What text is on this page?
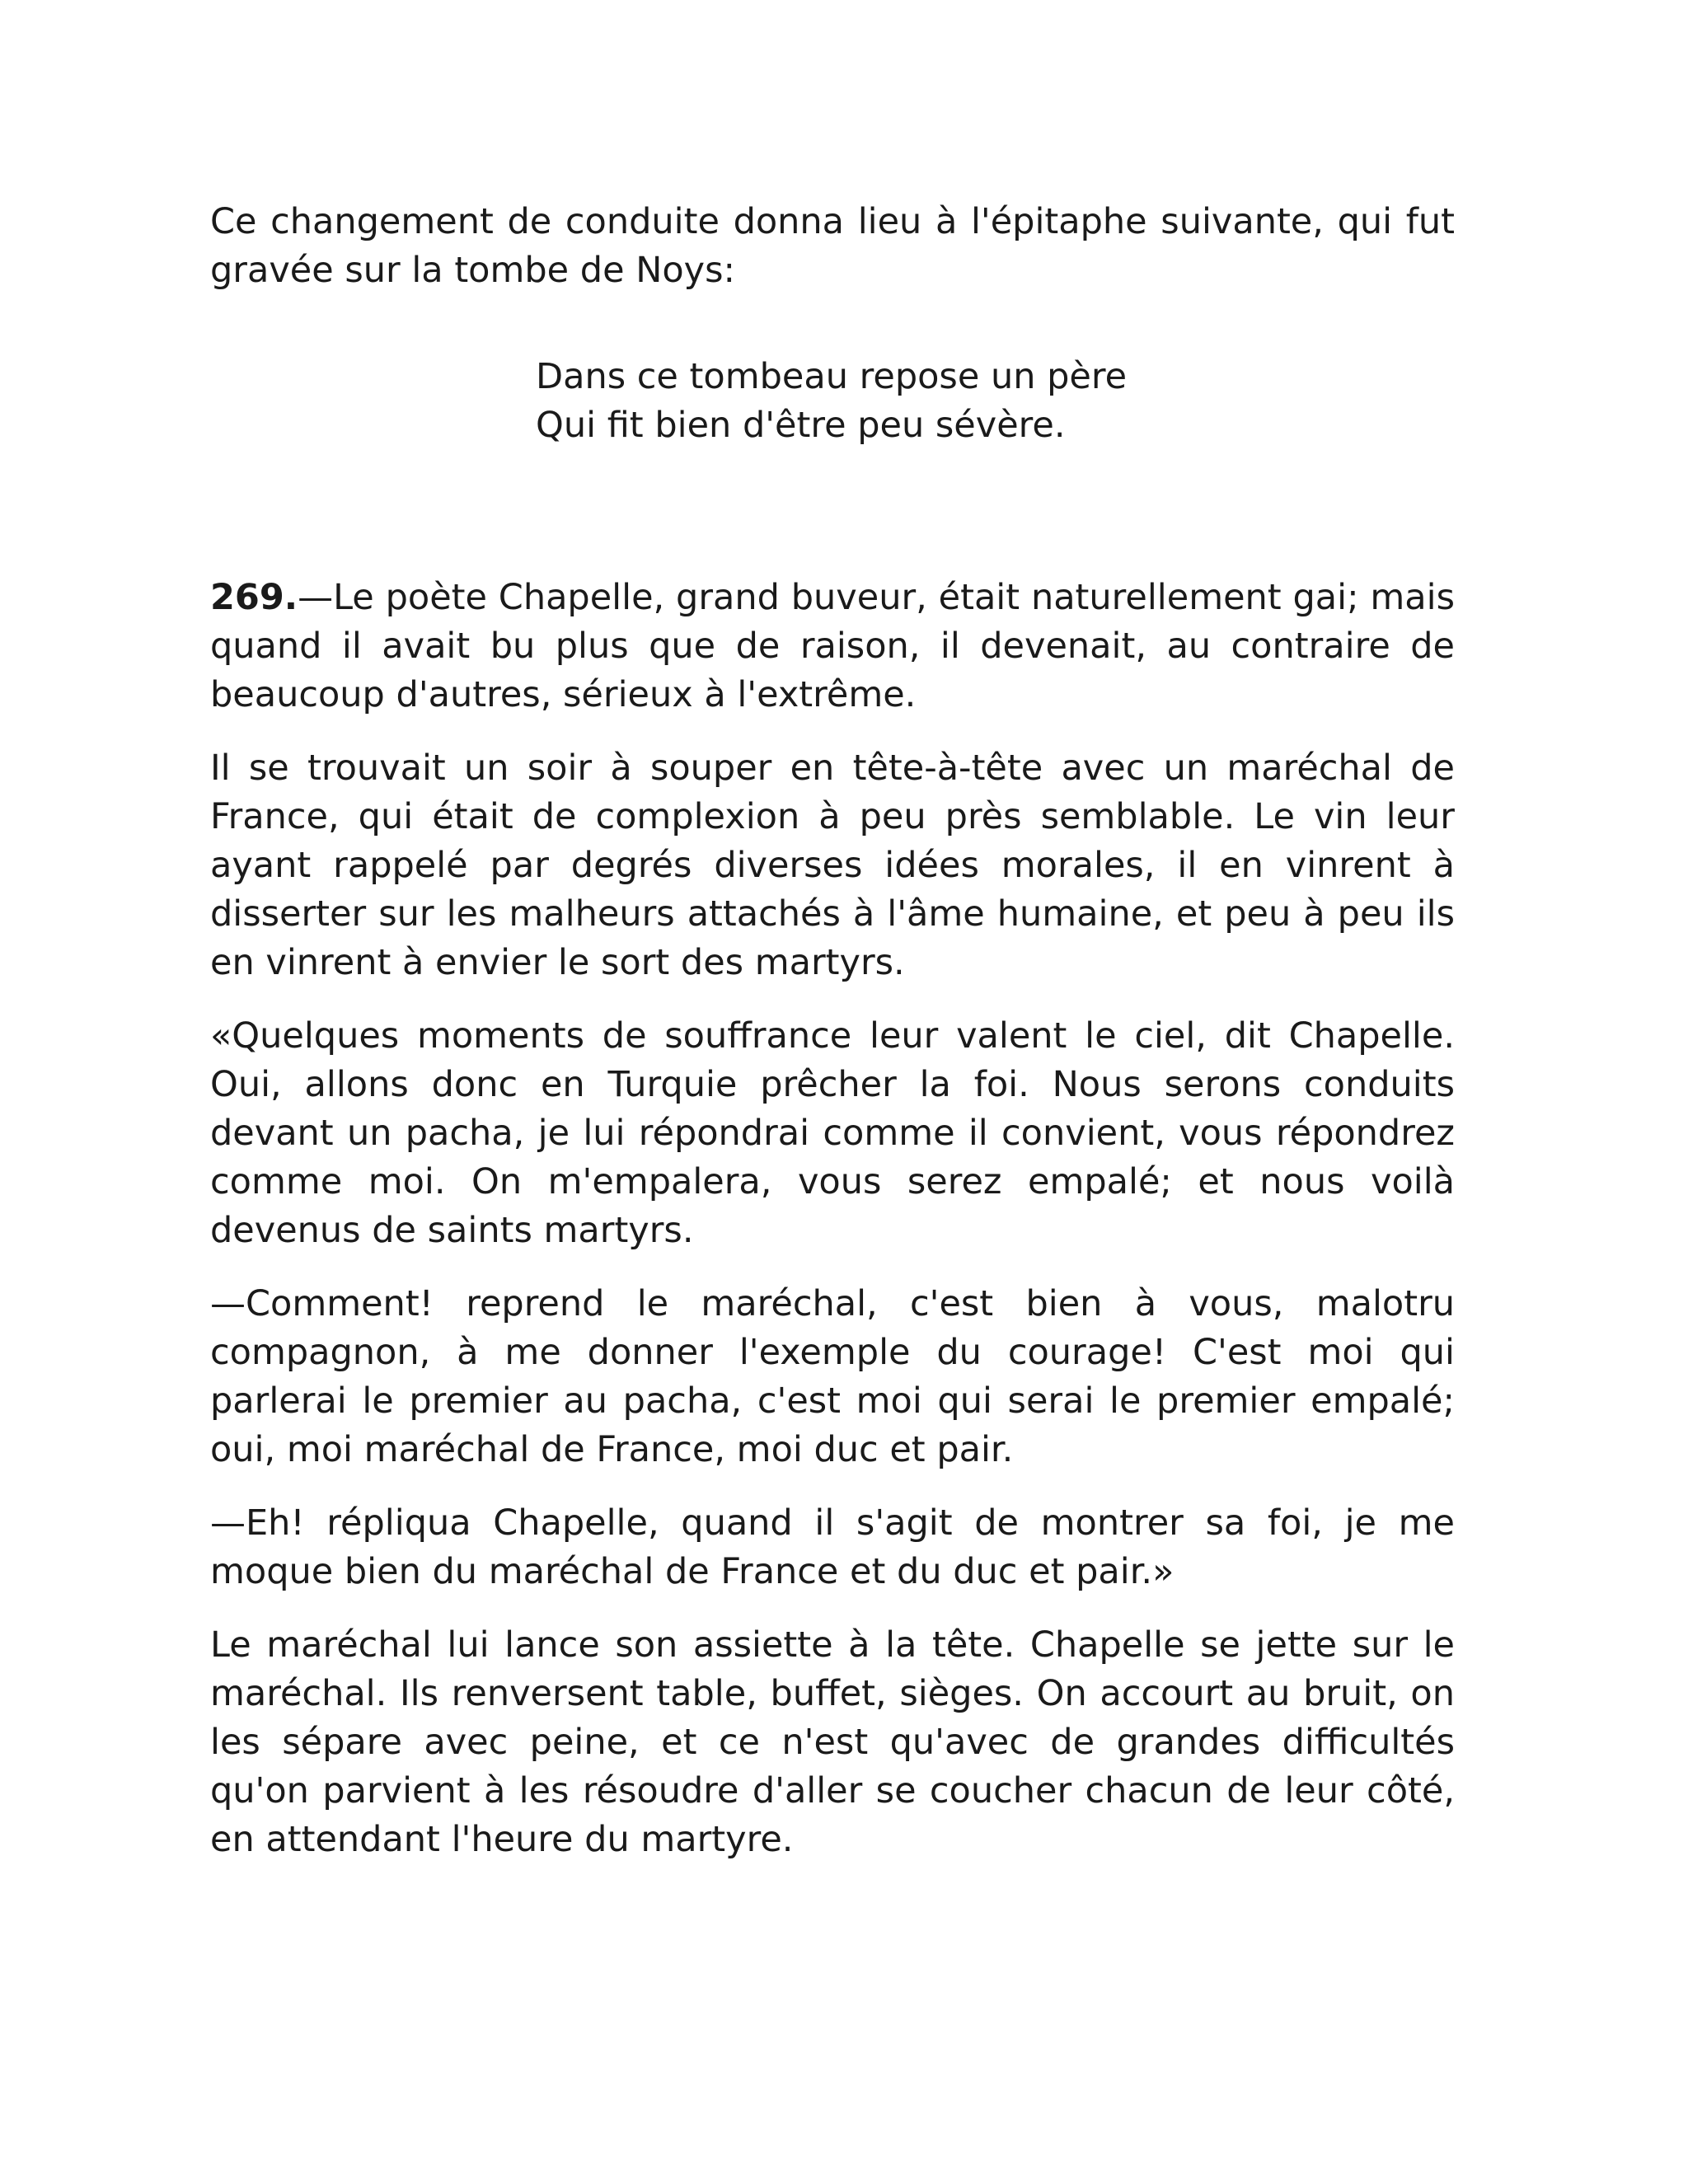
Ce changement de conduite donna lieu à l'épitaphe suivante, qui fut gravée sur la tombe de Noys:

Dans ce tombeau repose un père
Qui fit bien d'être peu sévère.

269.—Le poète Chapelle, grand buveur, était naturellement gai; mais quand il avait bu plus que de raison, il devenait, au contraire de beaucoup d'autres, sérieux à l'extrême.

Il se trouvait un soir à souper en tête-à-tête avec un maréchal de France, qui était de complexion à peu près semblable. Le vin leur ayant rappelé par degrés diverses idées morales, il en vinrent à disserter sur les malheurs attachés à l'âme humaine, et peu à peu ils en vinrent à envier le sort des martyrs.

«Quelques moments de souffrance leur valent le ciel, dit Chapelle. Oui, allons donc en Turquie prêcher la foi. Nous serons conduits devant un pacha, je lui répondrai comme il convient, vous répondrez comme moi. On m'empalera, vous serez empalé; et nous voilà devenus de saints martyrs.

—Comment! reprend le maréchal, c'est bien à vous, malotru compagnon, à me donner l'exemple du courage! C'est moi qui parlerai le premier au pacha, c'est moi qui serai le premier empalé; oui, moi maréchal de France, moi duc et pair.

—Eh! répliqua Chapelle, quand il s'agit de montrer sa foi, je me moque bien du maréchal de France et du duc et pair.»

Le maréchal lui lance son assiette à la tête. Chapelle se jette sur le maréchal. Ils renversent table, buffet, sièges. On accourt au bruit, on les sépare avec peine, et ce n'est qu'avec de grandes difficultés qu'on parvient à les résoudre d'aller se coucher chacun de leur côté, en attendant l'heure du martyre.
